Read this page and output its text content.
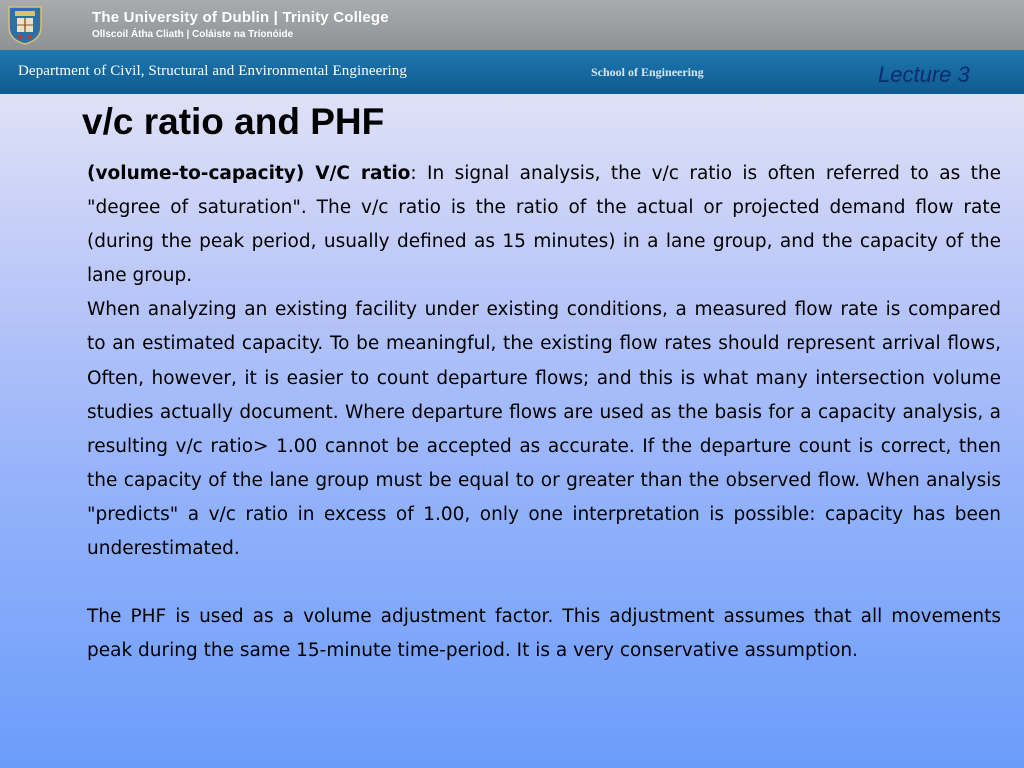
The University of Dublin | Trinity College
Ollscoil Átha Cliath | Coláiste na Tríonóide
Department of Civil, Structural and Environmental Engineering	School of Engineering	Lecture 3
v/c ratio and PHF

(volume-to-capacity) V/C ratio: In signal analysis, the v/c ratio is often referred to as the "degree of saturation". The v/c ratio is the ratio of the actual or projected demand flow rate (during the peak period, usually defined as 15 minutes) in a lane group, and the capacity of the lane group.

When analyzing an existing facility under existing conditions, a measured flow rate is compared to an estimated capacity. To be meaningful, the existing flow rates should represent arrival flows, Often, however, it is easier to count departure flows; and this is what many intersection volume studies actually document. Where departure flows are used as the basis for a capacity analysis, a resulting v/c ratio> 1.00 cannot be accepted as accurate. If the departure count is correct, then the capacity of the lane group must be equal to or greater than the observed flow. When analysis "predicts" a v/c ratio in excess of 1.00, only one interpretation is possible: capacity has been underestimated.

The PHF is used as a volume adjustment factor. This adjustment assumes that all movements peak during the same 15-minute time-period. It is a very conservative assumption.
